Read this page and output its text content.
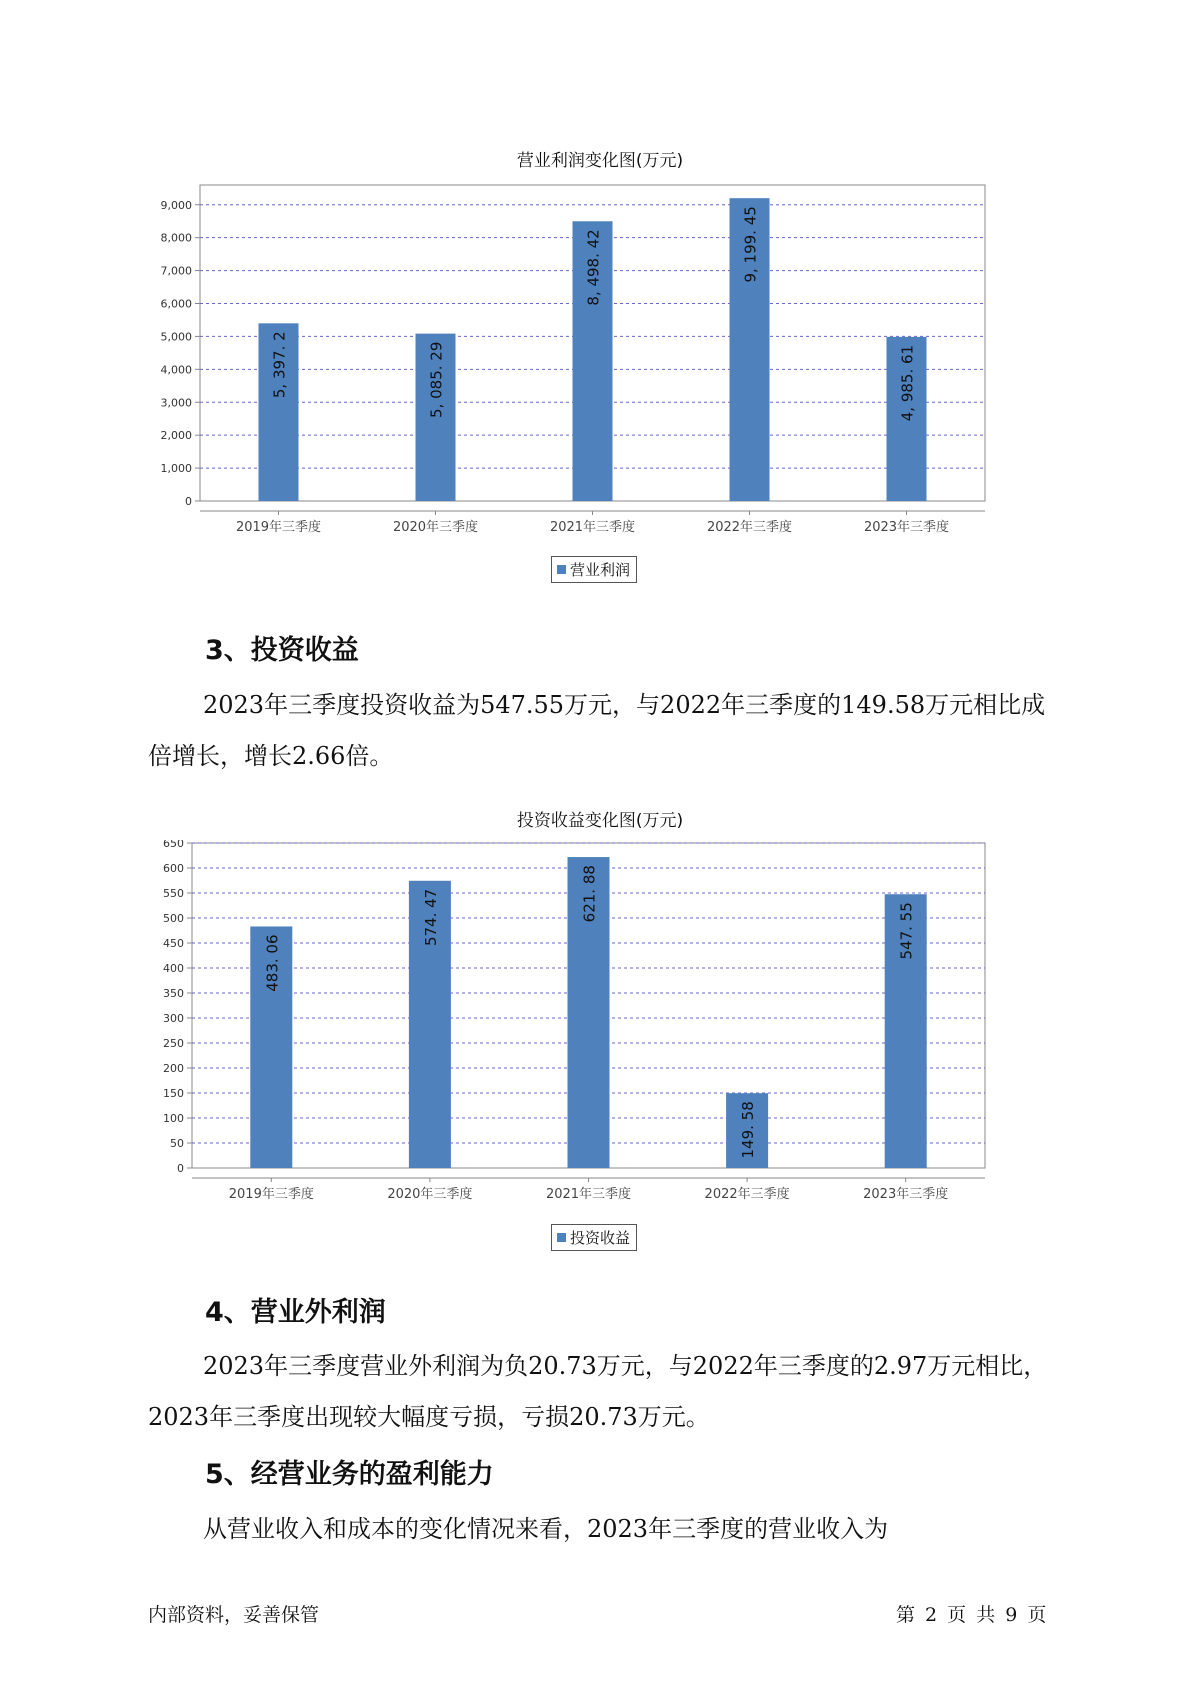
营业利润变化图(万元)
0
1,000
2,000
3,000
4,000
5,000
6,000
7,000
8,000
9,000
5, 397. 2
2019年三季度
5, 085. 29
2020年三季度
8, 498. 42
2021年三季度
9, 199. 45
2022年三季度
4, 985. 61
2023年三季度
营业利润
3、投资收益

2023年三季度投资收益为547.55万元，与2022年三季度的149.58万元相比成倍增长，增长2.66倍。

投资收益变化图(万元)
0
50
100
150
200
250
300
350
400
450
500
550
600
650
483. 06
2019年三季度
574. 47
2020年三季度
621. 88
2021年三季度
149. 58
2022年三季度
547. 55
2023年三季度
投资收益
4、营业外利润

2023年三季度营业外利润为负20.73万元，与2022年三季度的2.97万元相比，2023年三季度出现较大幅度亏损，亏损20.73万元。

5、经营业务的盈利能力

从营业收入和成本的变化情况来看，2023年三季度的营业收入为

内部资料，妥善保管	第 2 页 共 9 页
